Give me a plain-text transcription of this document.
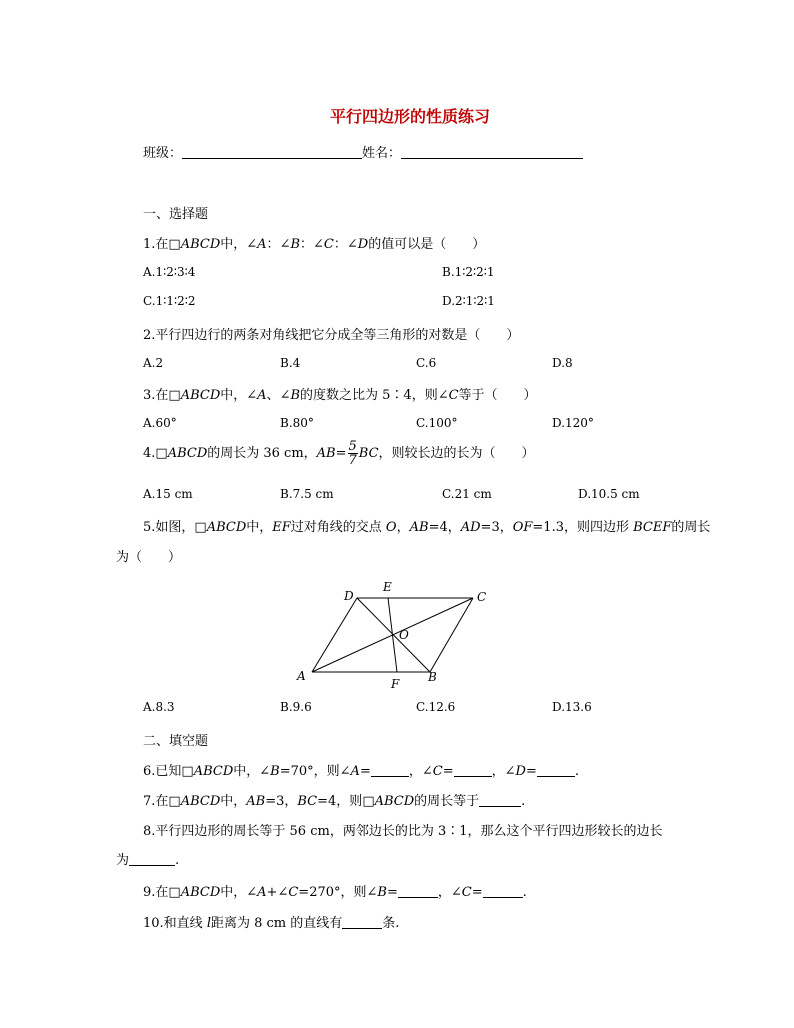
平行四边形的性质练习
班级：	姓名：
一、选择题
1.在□ABCD中，∠A：∠B：∠C：∠D的值可以是（　　）
A.1∶2∶3∶4	B.1∶2∶2∶1
C.1∶1∶2∶2	D.2∶1∶2∶1
2.平行四边行的两条对角线把它分成全等三角形的对数是（　　）
A.2	B.4	C.6	D.8
3.在□ABCD中，∠A、∠B的度数之比为 5∶4，则∠C等于（　　）
A.60°	B.80°	C.100°	D.120°
4.□ABCD的周长为 36 cm，$AB= \frac{5}{7}$ BC，则较长边的长为（　　）
A.15 cm	B.7.5 cm	C.21 cm	D.10.5 cm
5.如图，□ABCD中，EF过对角线的交点 O，AB=4，AD=3，OF=1.3，则四边形 BCEF的周长
为（　　）
A	B
C
D
E
F
O
A.8.3	B.9.6	C.12.6	D.13.6
二、填空题
6.已知□ABCD中，∠B=70°，则∠A=	，∠C=	，∠D=	.
7.在□ABCD中，AB=3，BC=4，则□ABCD的周长等于	.
8.平行四边形的周长等于 56 cm，两邻边长的比为 3∶1，那么这个平行四边形较长的边长
为	.
9.在□ABCD中，∠A+∠C=270°，则∠B=	，∠C=	.
10.和直线 l距离为 8 cm 的直线有	条.
